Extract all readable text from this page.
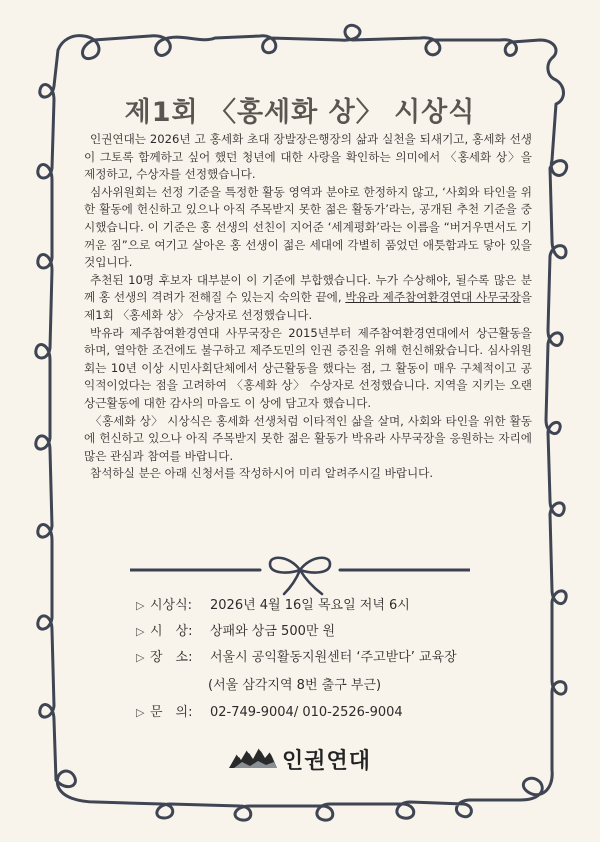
제1회 〈홍세화 상〉 시상식

인권연대는 2026년 고 홍세화 초대 장발장은행장의 삶과 실천을 되새기고, 홍세화 선생이 그토록 함께하고 싶어 했던 청년에 대한 사랑을 확인하는 의미에서 〈홍세화 상〉을 제정하고, 수상자를 선정했습니다.

심사위원회는 선정 기준을 특정한 활동 영역과 분야로 한정하지 않고, ‘사회와 타인을 위한 활동에 헌신하고 있으나 아직 주목받지 못한 젊은 활동가’라는, 공개된 추천 기준을 중시했습니다. 이 기준은 홍 선생의 선친이 지어준 ‘세계평화’라는 이름을 “버거우면서도 기꺼운 짐”으로 여기고 살아온 홍 선생이 젊은 세대에 각별히 품었던 애틋함과도 닿아 있을 것입니다.

추천된 10명 후보자 대부분이 이 기준에 부합했습니다. 누가 수상해야, 될수록 많은 분께 홍 선생의 격려가 전해질 수 있는지 숙의한 끝에, 박유라 제주참여환경연대 사무국장을 제1회 〈홍세화 상〉 수상자로 선정했습니다.

박유라 제주참여환경연대 사무국장은 2015년부터 제주참여환경연대에서 상근활동을 하며, 열악한 조건에도 불구하고 제주도민의 인권 증진을 위해 헌신해왔습니다. 심사위원회는 10년 이상 시민사회단체에서 상근활동을 했다는 점, 그 활동이 매우 구체적이고 공익적이었다는 점을 고려하여 〈홍세화 상〉 수상자로 선정했습니다. 지역을 지키는 오랜 상근활동에 대한 감사의 마음도 이 상에 담고자 했습니다.

〈홍세화 상〉 시상식은 홍세화 선생처럼 이타적인 삶을 살며, 사회와 타인을 위한 활동에 헌신하고 있으나 아직 주목받지 못한 젊은 활동가 박유라 사무국장을 응원하는 자리에 많은 관심과 참여를 바랍니다.

참석하실 분은 아래 신청서를 작성하시어 미리 알려주시길 바랍니다.

▷ 시상식: 2026년 4월 16일 목요일 저녁 6시
▷ 시　상: 상패와 상금 500만 원
▷ 장　소: 서울시 공익활동지원센터 ‘주고받다’ 교육장
(서울 삼각지역 8번 출구 부근)
▷ 문　의: 02-749-9004/ 010-2526-9004
인권연대
